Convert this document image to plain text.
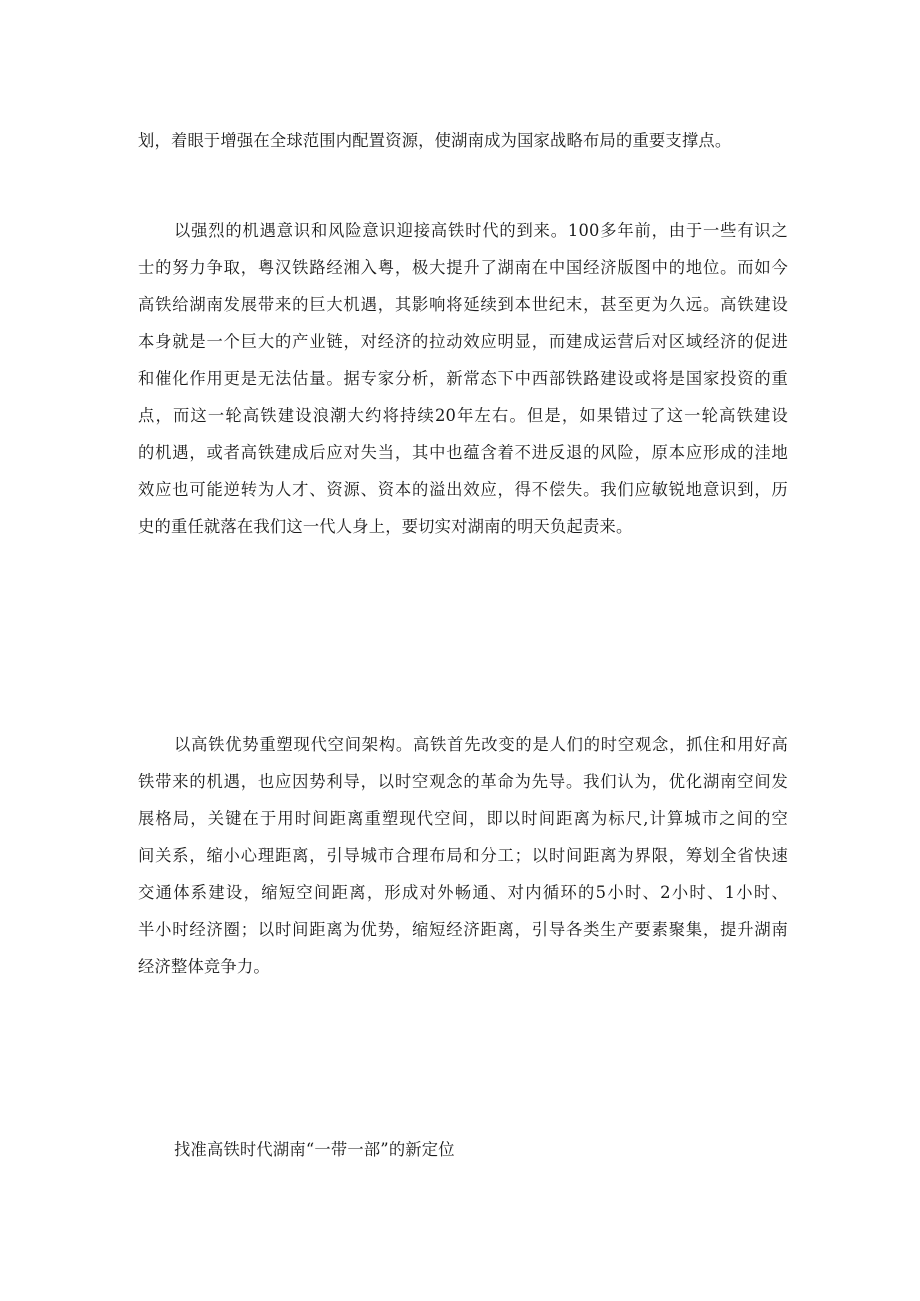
划，着眼于增强在全球范围内配置资源，使湖南成为国家战略布局的重要支撑点。
以强烈的机遇意识和风险意识迎接高铁时代的到来。100多年前，由于一些有识之
士的努力争取，粤汉铁路经湘入粤，极大提升了湖南在中国经济版图中的地位。而如今
高铁给湖南发展带来的巨大机遇，其影响将延续到本世纪末，甚至更为久远。高铁建设
本身就是一个巨大的产业链，对经济的拉动效应明显，而建成运营后对区域经济的促进
和催化作用更是无法估量。据专家分析，新常态下中西部铁路建设或将是国家投资的重
点，而这一轮高铁建设浪潮大约将持续20年左右。但是，如果错过了这一轮高铁建设
的机遇，或者高铁建成后应对失当，其中也蕴含着不进反退的风险，原本应形成的洼地
效应也可能逆转为人才、资源、资本的溢出效应，得不偿失。我们应敏锐地意识到，历
史的重任就落在我们这一代人身上，要切实对湖南的明天负起责来。
以高铁优势重塑现代空间架构。高铁首先改变的是人们的时空观念，抓住和用好高
铁带来的机遇，也应因势利导，以时空观念的革命为先导。我们认为，优化湖南空间发
展格局，关键在于用时间距离重塑现代空间，即以时间距离为标尺,计算城市之间的空
间关系，缩小心理距离，引导城市合理布局和分工；以时间距离为界限，筹划全省快速
交通体系建设，缩短空间距离，形成对外畅通、对内循环的5小时、2小时、1小时、
半小时经济圈；以时间距离为优势，缩短经济距离，引导各类生产要素聚集，提升湖南
经济整体竞争力。
找准高铁时代湖南“一带一部”的新定位
